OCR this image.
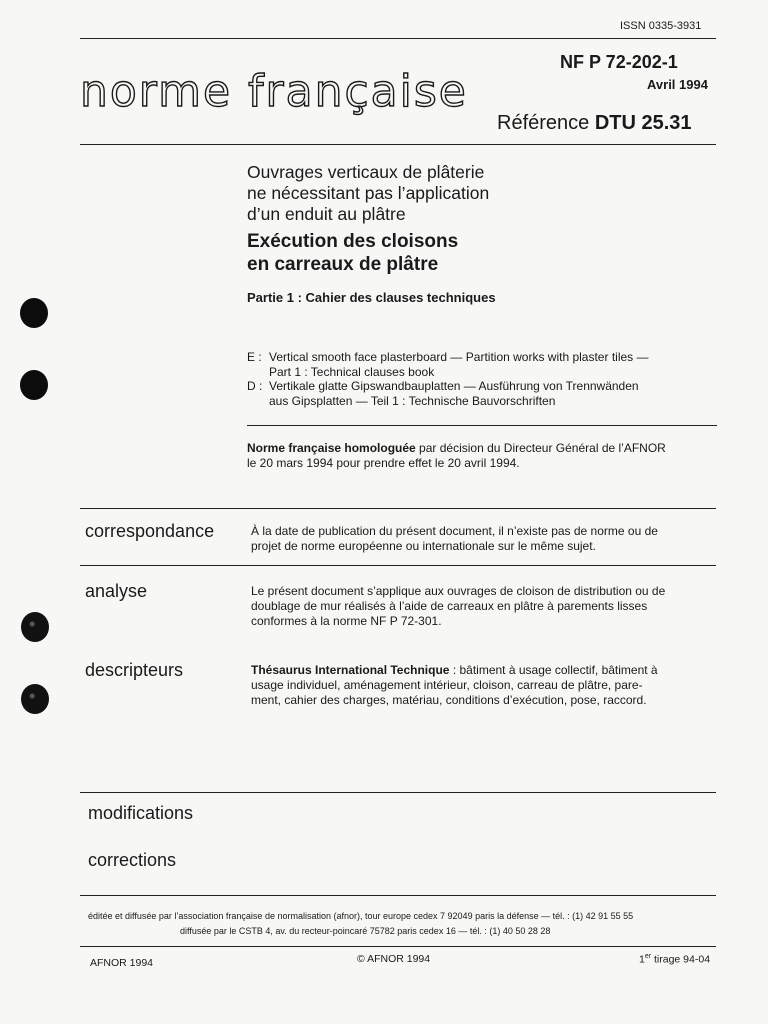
ISSN 0335-3931
norme française
NF P 72-202-1
Avril 1994
Référence DTU 25.31
Ouvrages verticaux de plâterie
ne nécessitant pas l’application
d’un enduit au plâtre
Exécution des cloisons
en carreaux de plâtre
Partie 1 : Cahier des clauses techniques
E : Vertical smooth face plasterboard — Partition works with plaster tiles —
Part 1 : Technical clauses book
D : Vertikale glatte Gipswandbauplatten — Ausführung von Trennwänden
aus Gipsplatten — Teil 1 : Technische Bauvorschriften
Norme française homologuée par décision du Directeur Général de l’AFNOR
le 20 mars 1994 pour prendre effet le 20 avril 1994.
correspondance	À la date de publication du présent document, il n’existe pas de norme ou de
projet de norme européenne ou internationale sur le même sujet.
analyse	Le présent document s’applique aux ouvrages de cloison de distribution ou de
doublage de mur réalisés à l’aide de carreaux en plâtre à parements lisses
conformes à la norme NF P 72-301.
descripteurs	Thésaurus International Technique : bâtiment à usage collectif, bâtiment à
usage individuel, aménagement intérieur, cloison, carreau de plâtre, pare-
ment, cahier des charges, matériau, conditions d’exécution, pose, raccord.
modifications
corrections
éditée et diffusée par l’association française de normalisation (afnor), tour europe cedex 7 92049 paris la défense — tél. : (1) 42 91 55 55
diffusée par le CSTB 4, av. du recteur-poincaré 75782 paris cedex 16 — tél. : (1) 40 50 28 28
AFNOR 1994	© AFNOR 1994	1er tirage 94-04
